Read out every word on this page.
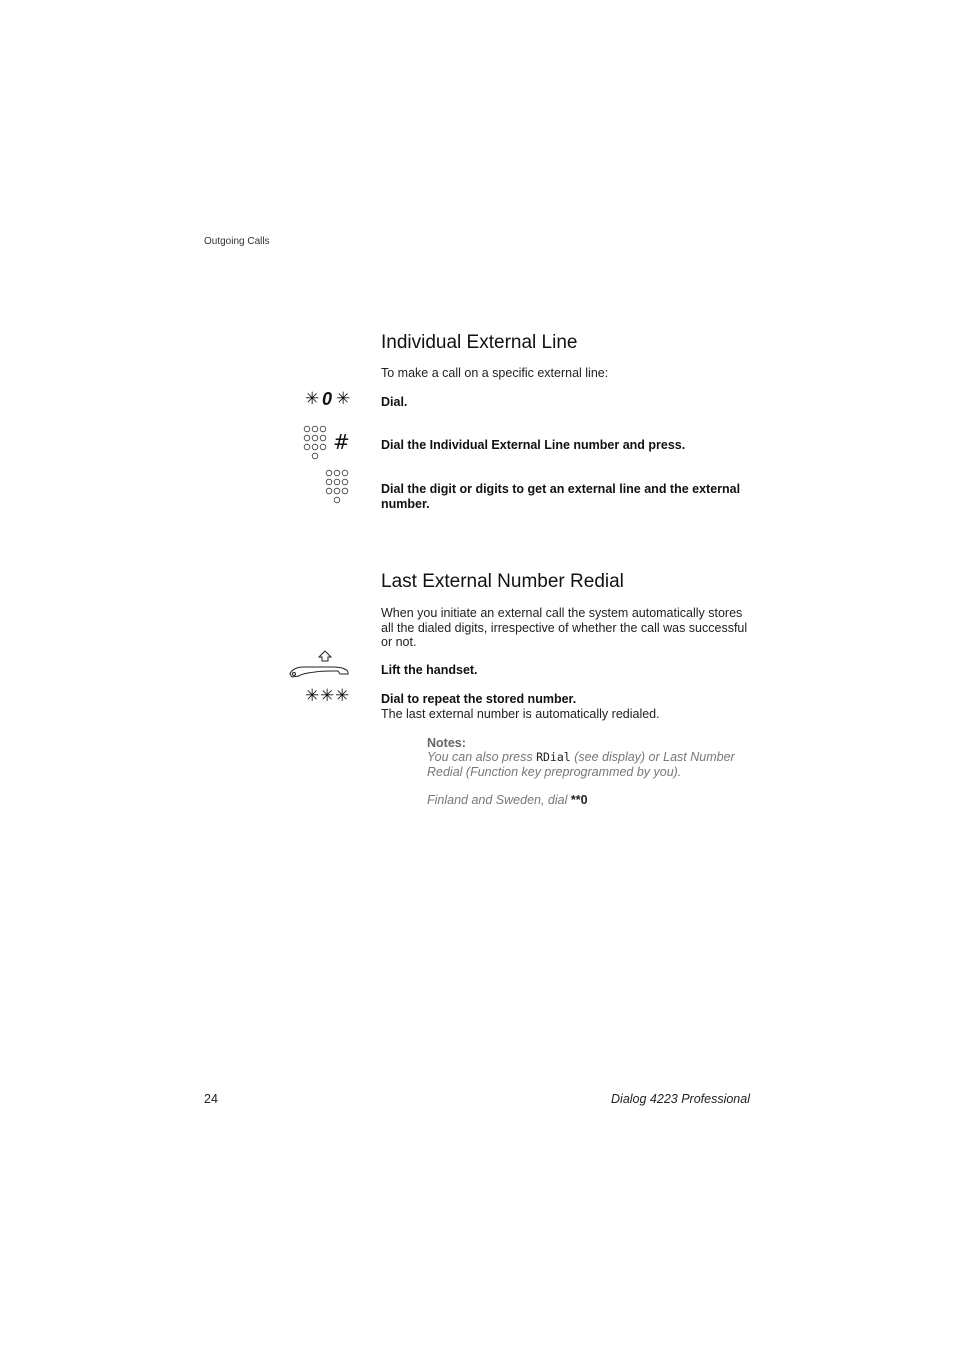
Outgoing Calls
Individual External Line
To make a call on a specific external line:
✳ 0 ✳ Dial.
# Dial the Individual External Line number and press.
Dial the digit or digits to get an external line and the external number.
Last External Number Redial
When you initiate an external call the system automatically stores all the dialed digits, irrespective of whether the call was successful or not.
Lift the handset.
✳ ✳ ✳	Dial to repeat the stored number.
The last external number is automatically redialed.
Notes:
You can also press RDial (see display) or Last Number Redial (Function key preprogrammed by you).
Finland and Sweden, dial **0
24	Dialog 4223 Professional
